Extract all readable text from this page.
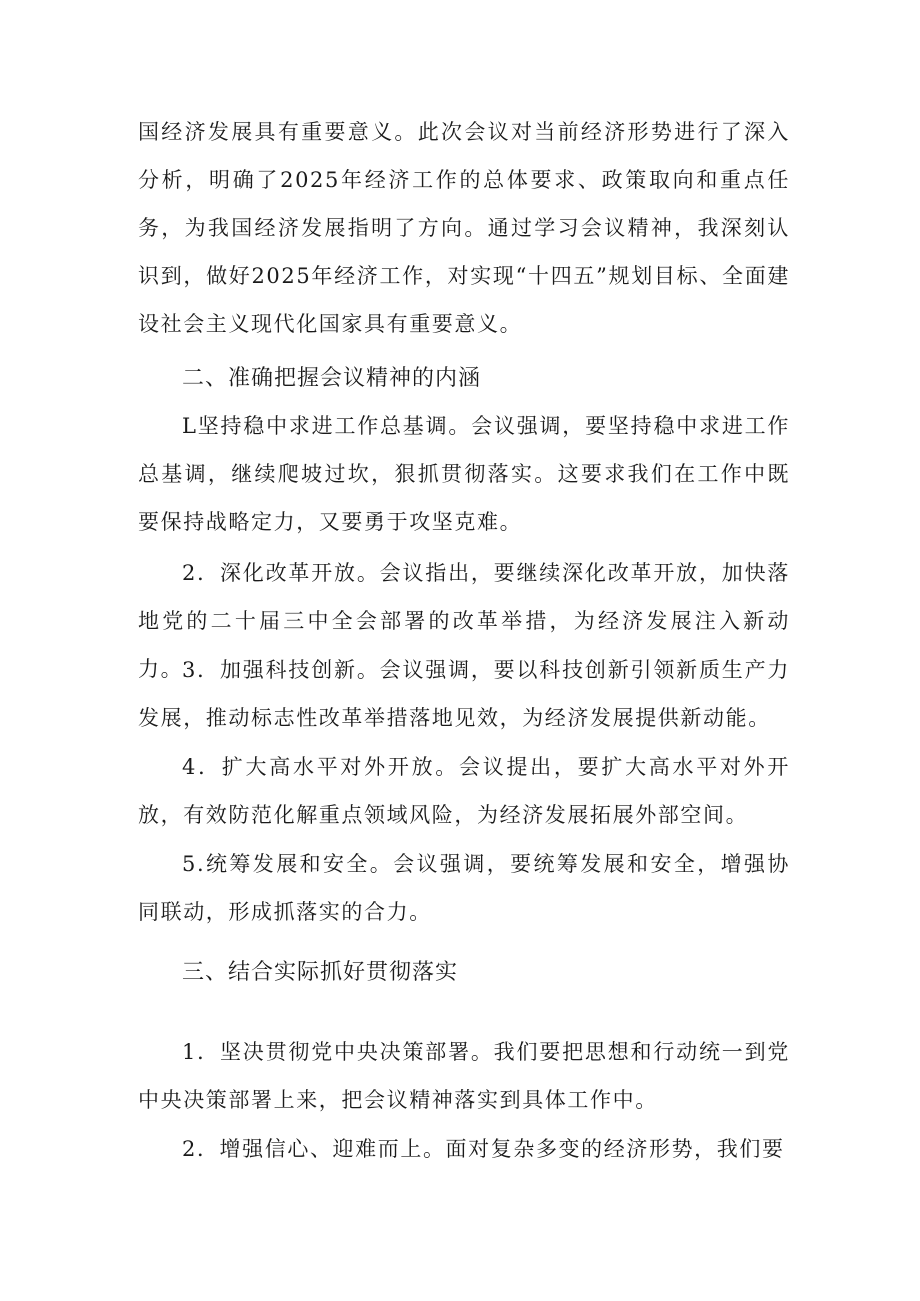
国经济发展具有重要意义。此次会议对当前经济形势进行了深入分析，明确了2025年经济工作的总体要求、政策取向和重点任务，为我国经济发展指明了方向。通过学习会议精神，我深刻认识到，做好2025年经济工作，对实现“十四五”规划目标、全面建设社会主义现代化国家具有重要意义。

二、准确把握会议精神的内涵

L坚持稳中求进工作总基调。会议强调，要坚持稳中求进工作总基调，继续爬坡过坎，狠抓贯彻落实。这要求我们在工作中既要保持战略定力，又要勇于攻坚克难。

2．深化改革开放。会议指出，要继续深化改革开放，加快落地党的二十届三中全会部署的改革举措，为经济发展注入新动力。

3．加强科技创新。会议强调，要以科技创新引领新质生产力发展，推动标志性改革举措落地见效，为经济发展提供新动能。

4．扩大高水平对外开放。会议提出，要扩大高水平对外开放，有效防范化解重点领域风险，为经济发展拓展外部空间。

5.统筹发展和安全。会议强调，要统筹发展和安全，增强协同联动，形成抓落实的合力。

三、结合实际抓好贯彻落实

1．坚决贯彻党中央决策部署。我们要把思想和行动统一到党中央决策部署上来，把会议精神落实到具体工作中。

2．增强信心、迎难而上。面对复杂多变的经济形势，我们要
